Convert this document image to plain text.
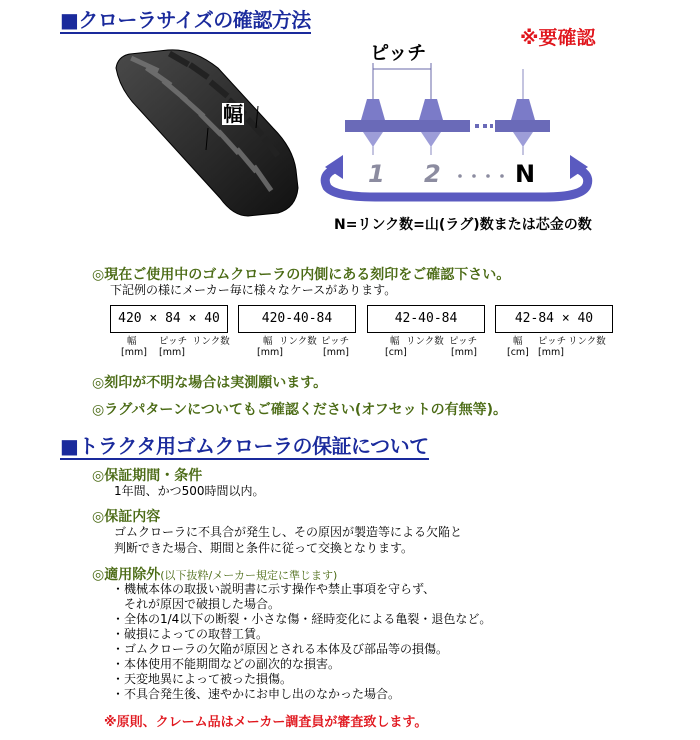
■クローラサイズの確認方法
※要確認
幅
ピッチ
1 2 ・・・・ N
N=リンク数=山(ラグ)数または芯金の数
◎現在ご使用中のゴムクローラの内側にある刻印をご確認下さい。
下記例の様にメーカー毎に様々なケースがあります。
420 × 84 × 40	420-40-84	42-40-84	42-84 × 40
幅 ピッチ リンク数
[mm] [mm]
幅 リンク数 ピッチ
[mm]	[mm]
幅 リンク数 ピッチ
[cm]	[mm]
幅 ピッチ リンク数
[cm] [mm]
◎刻印が不明な場合は実測願います。
◎ラグパターンについてもご確認ください(オフセットの有無等)。
■トラクタ用ゴムクローラの保証について
◎保証期間・条件
1年間、かつ500時間以内。
◎保証内容
ゴムクローラに不具合が発生し、その原因が製造等による欠陥と
判断できた場合、期間と条件に従って交換となります。
◎適用除外(以下抜粋/メーカー規定に準じます)
・機械本体の取扱い説明書に示す操作や禁止事項を守らず、
　それが原因で破損した場合。
・全体の1/4以下の断裂・小さな傷・経時変化による亀裂・退色など。
・破損によっての取替工賃。
・ゴムクローラの欠陥が原因とされる本体及び部品等の損傷。
・本体使用不能期間などの副次的な損害。
・天変地異によって被った損傷。
・不具合発生後、速やかにお申し出のなかった場合。
※原則、クレーム品はメーカー調査員が審査致します。
